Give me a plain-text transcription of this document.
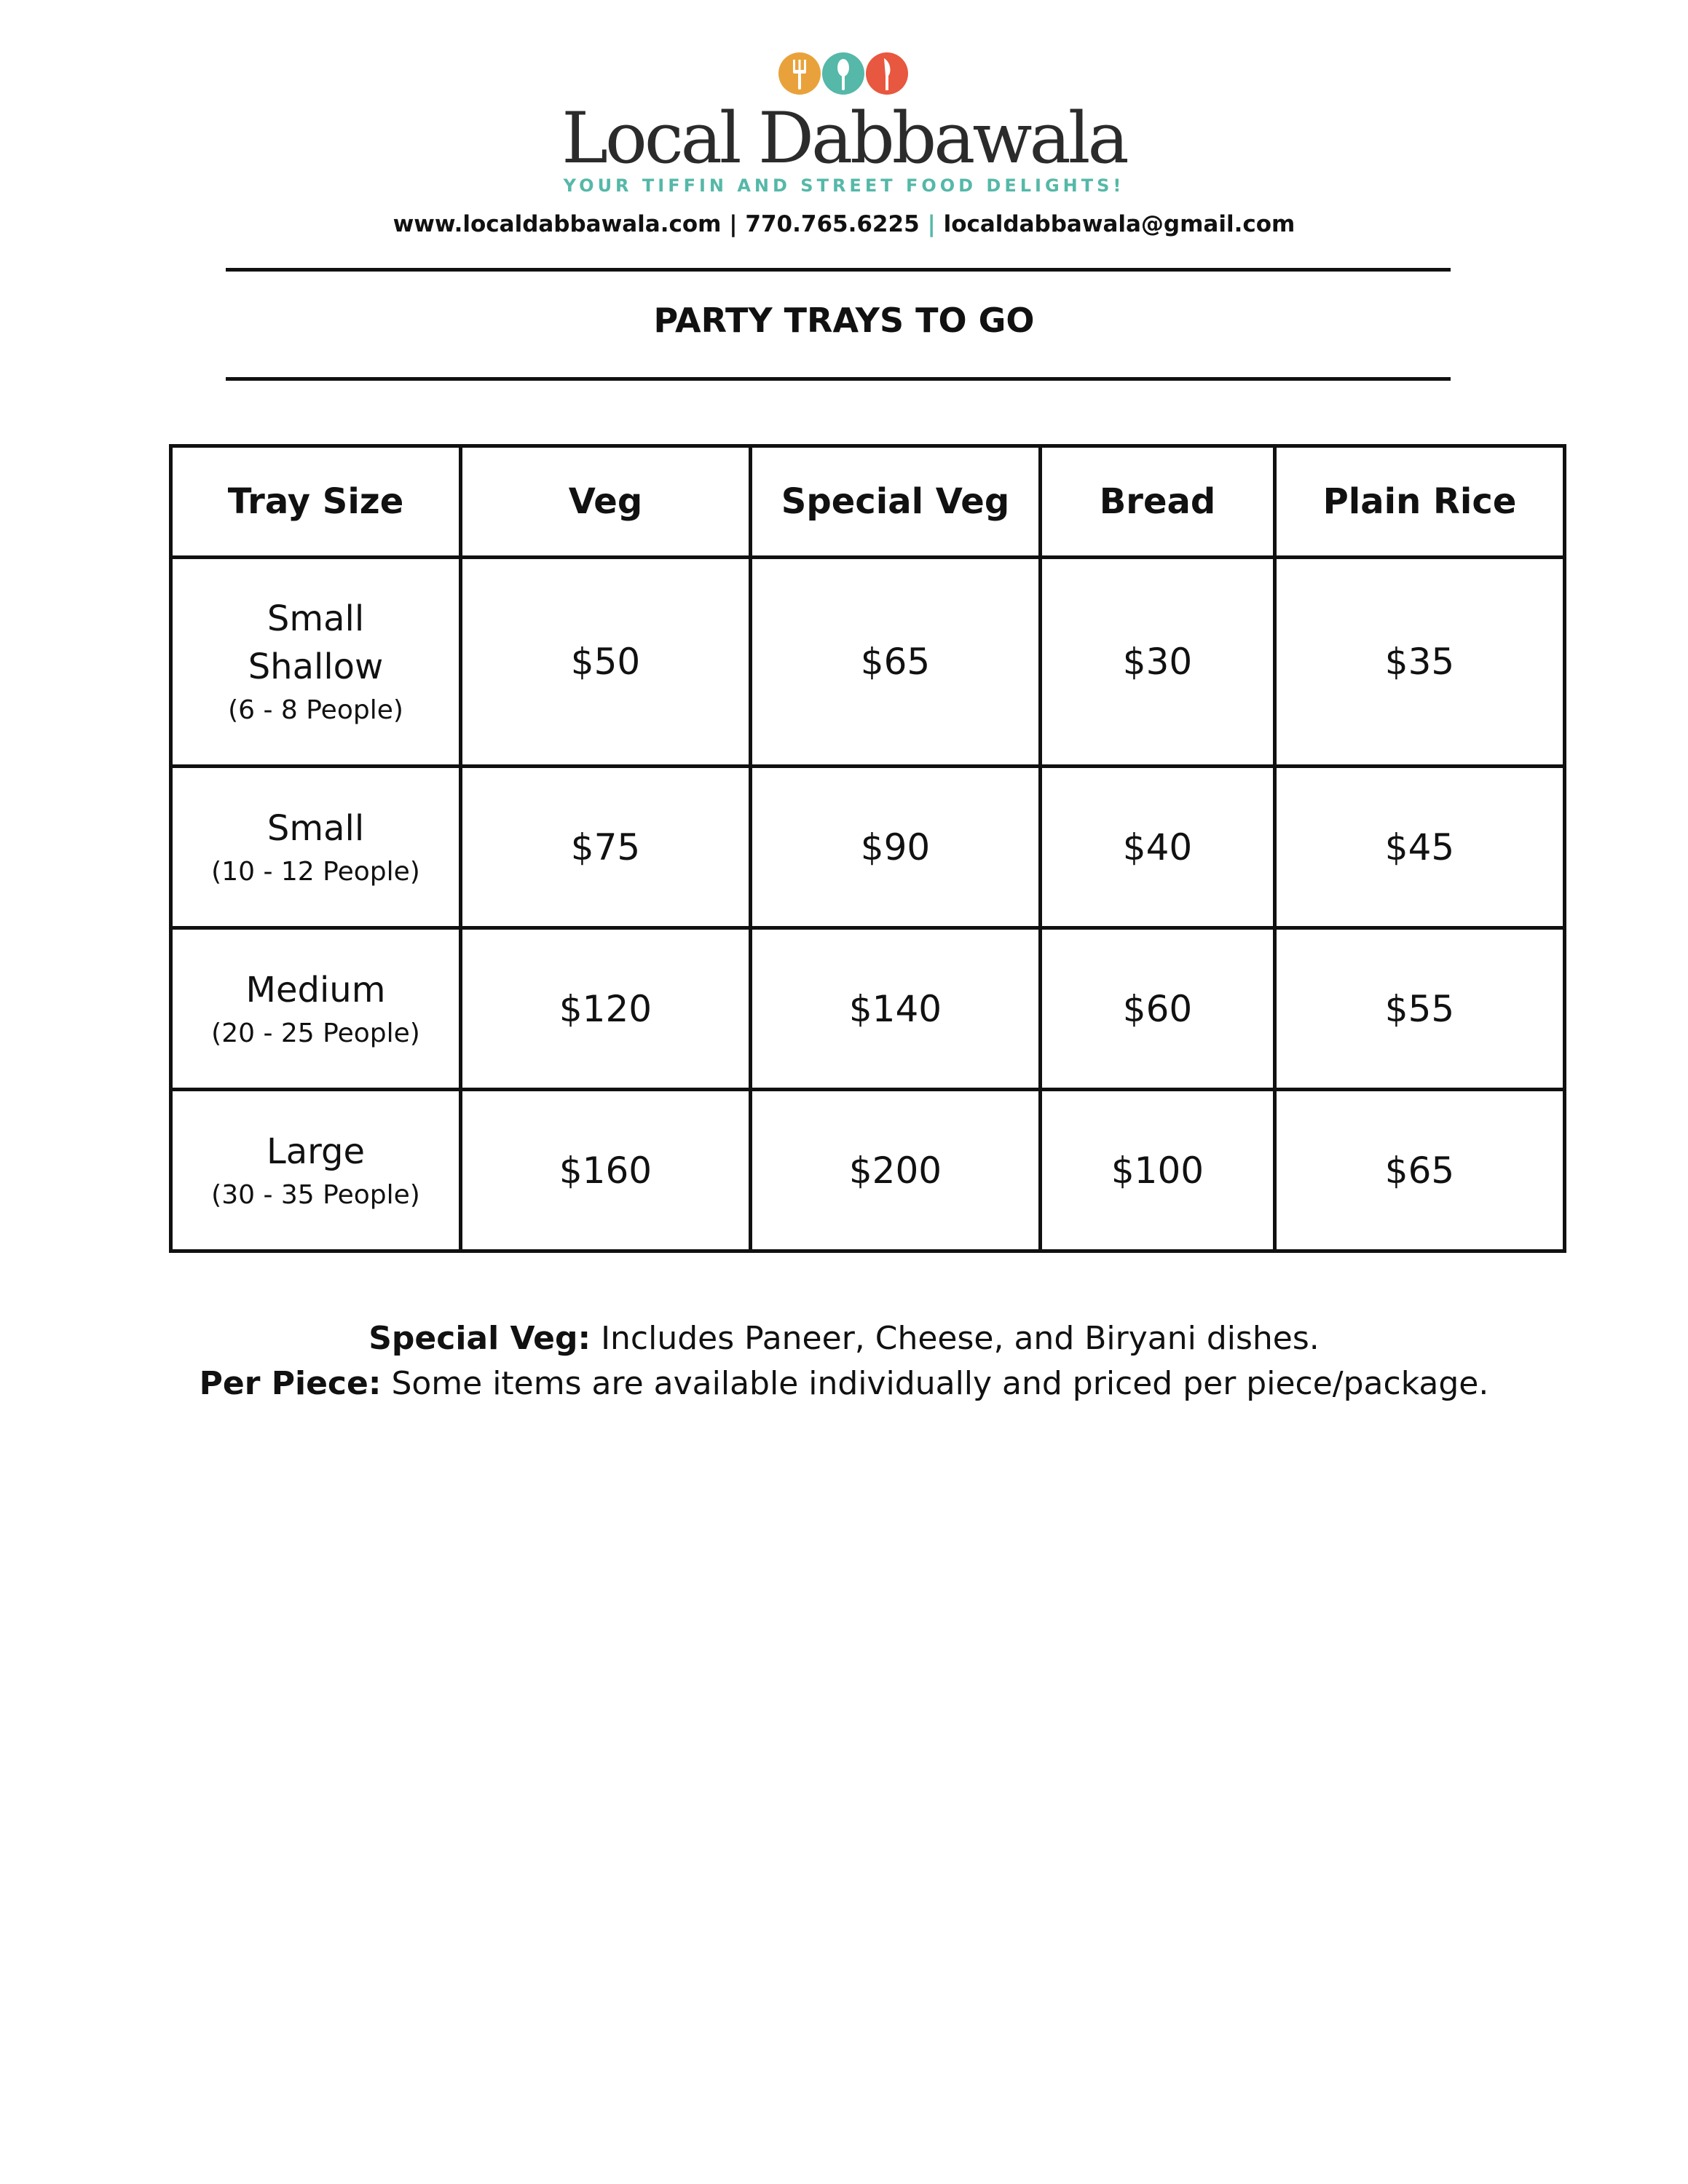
Local Dabbawala
YOUR TIFFIN AND STREET FOOD DELIGHTS!
www.localdabbawala.com | 770.765.6225 | localdabbawala@gmail.com
PARTY TRAYS TO GO
Tray Size	Veg	Special Veg	Bread	Plain Rice

Small
Shallow
(6 - 8 People)	$50	$65	$30	$35

Small
(10 - 12 People)	$75	$90	$40	$45

Medium
(20 - 25 People)	$120	$140	$60	$55

Large
(30 - 35 People)	$160	$200	$100	$65
Special Veg: Includes Paneer, Cheese, and Biryani dishes.
Per Piece: Some items are available individually and priced per piece/package.
